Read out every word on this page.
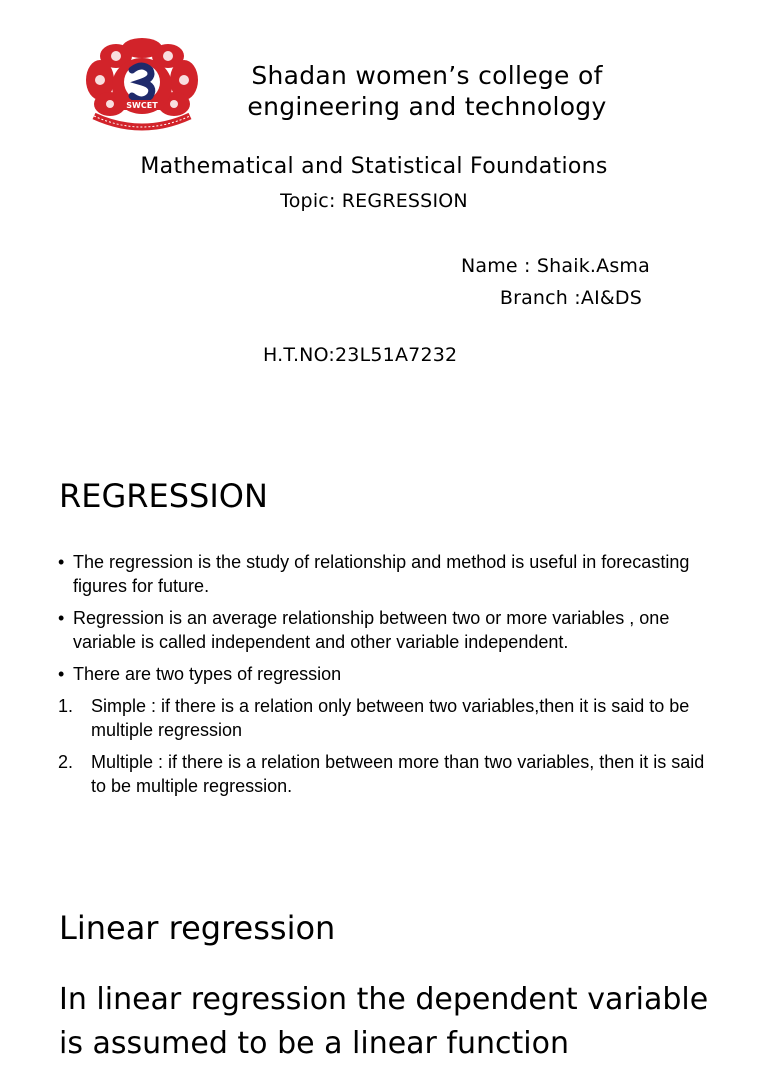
SWCET
Shadan women’s college of engineering and technology
Mathematical and Statistical Foundations
Topic: REGRESSION
Name : Shaik.Asma
Branch :AI&DS
H.T.NO:23L51A7232
REGRESSION
• The regression is the study of relationship and method is useful in forecasting figures for future.
• Regression is an average relationship between two or more variables , one variable is called independent and other variable independent.
• There are two types of regression
1. Simple : if there is a relation only between two variables,then it is said to be multiple regression
2. Multiple : if there is a relation between more than two variables, then it is said to be multiple regression.
Linear regression

In linear regression the dependent variable is assumed to be a linear function
